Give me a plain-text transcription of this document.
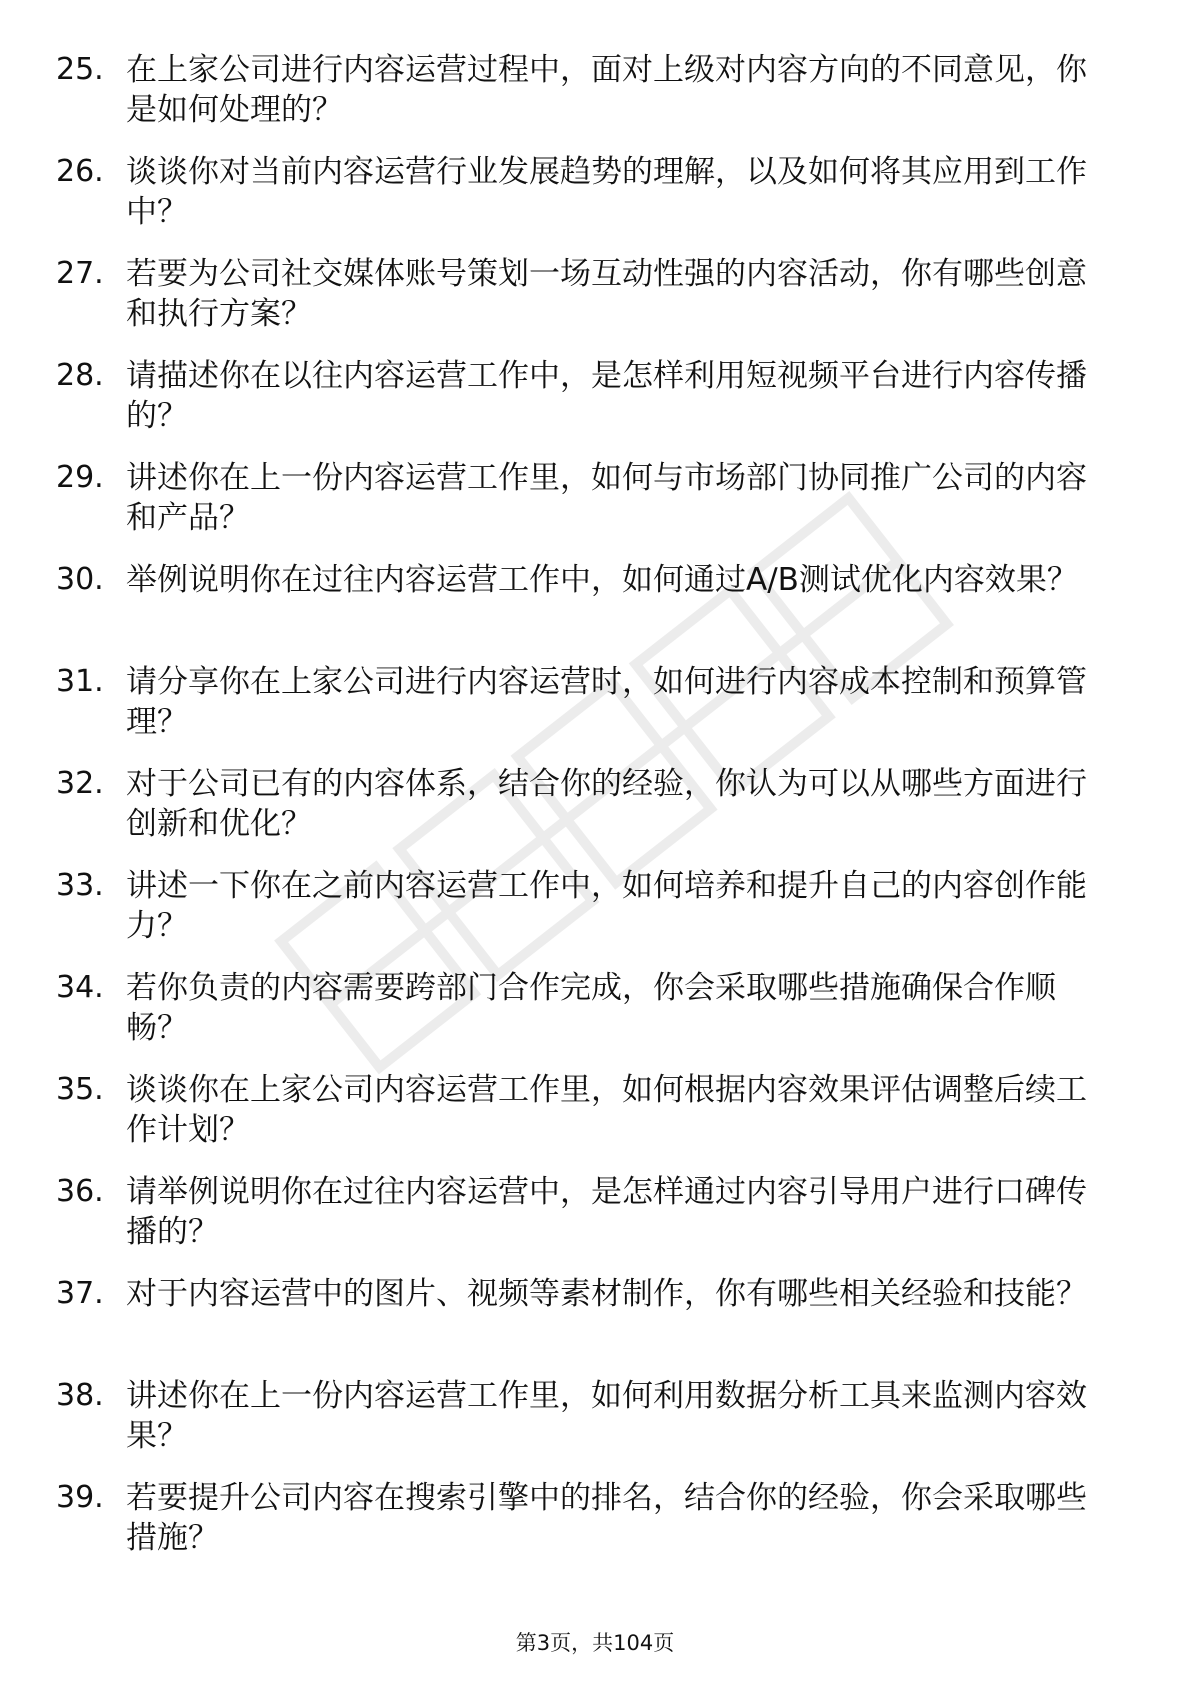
25. 在上家公司进行内容运营过程中，面对上级对内容方向的不同意见，你是如何处理的？
26. 谈谈你对当前内容运营行业发展趋势的理解，以及如何将其应用到工作中？
27. 若要为公司社交媒体账号策划一场互动性强的内容活动，你有哪些创意和执行方案？
28. 请描述你在以往内容运营工作中，是怎样利用短视频平台进行内容传播的？
29. 讲述你在上一份内容运营工作里，如何与市场部门协同推广公司的内容和产品？
30. 举例说明你在过往内容运营工作中，如何通过A/B测试优化内容效果？
31. 请分享你在上家公司进行内容运营时，如何进行内容成本控制和预算管理？
32. 对于公司已有的内容体系，结合你的经验，你认为可以从哪些方面进行创新和优化？
33. 讲述一下你在之前内容运营工作中，如何培养和提升自己的内容创作能力？
34. 若你负责的内容需要跨部门合作完成，你会采取哪些措施确保合作顺畅？
35. 谈谈你在上家公司内容运营工作里，如何根据内容效果评估调整后续工作计划？
36. 请举例说明你在过往内容运营中，是怎样通过内容引导用户进行口碑传播的？
37. 对于内容运营中的图片、视频等素材制作，你有哪些相关经验和技能？
38. 讲述你在上一份内容运营工作里，如何利用数据分析工具来监测内容效果？
39. 若要提升公司内容在搜索引擎中的排名，结合你的经验，你会采取哪些措施？
第3页，共104页
